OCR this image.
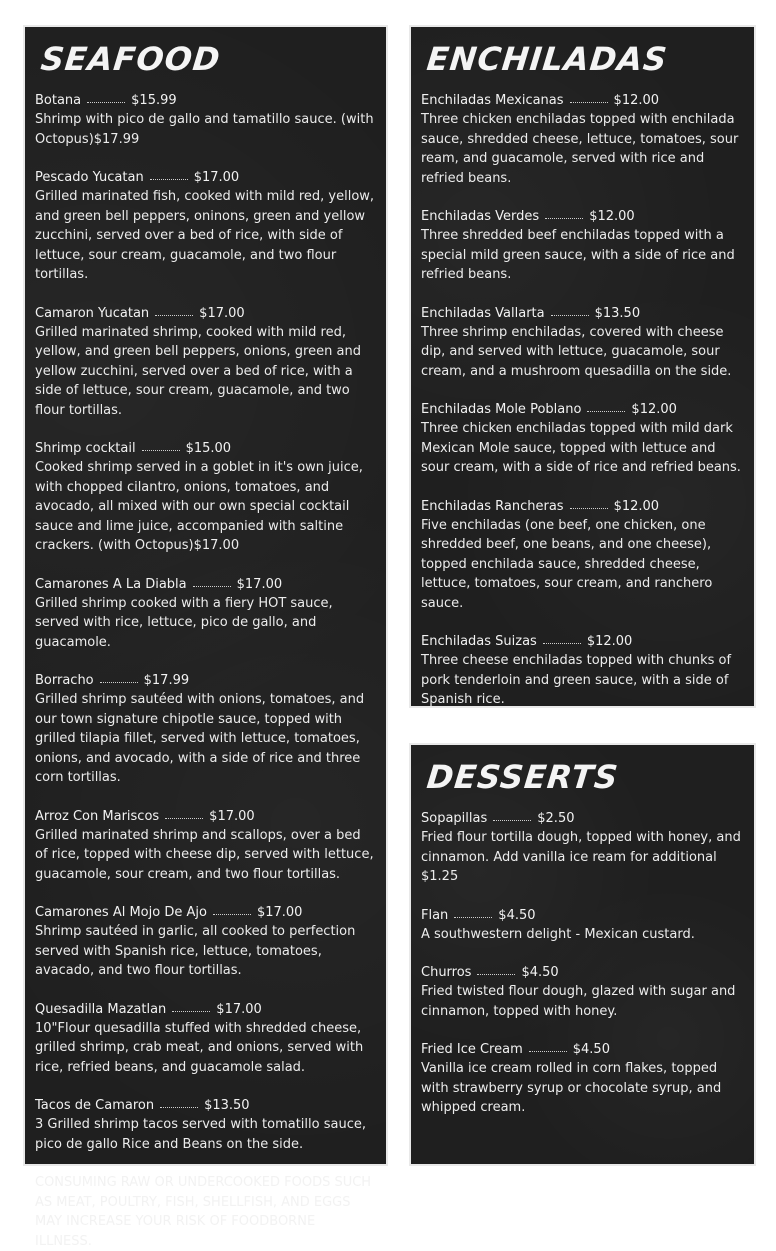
SEAFOOD
Botana	$15.99
Shrimp with pico de gallo and tamatillo sauce. (with Octopus)$17.99
Pescado Yucatan	$17.00
Grilled marinated fish, cooked with mild red, yellow, and green bell peppers, oninons, green and yellow zucchini, served over a bed of rice, with side of lettuce, sour cream, guacamole, and two flour tortillas.
Camaron Yucatan	$17.00
Grilled marinated shrimp, cooked with mild red, yellow, and green bell peppers, onions, green and yellow zucchini, served over a bed of rice, with a side of lettuce, sour cream, guacamole, and two flour tortillas.
Shrimp cocktail	$15.00
Cooked shrimp served in a goblet in it's own juice, with chopped cilantro, onions, tomatoes, and avocado, all mixed with our own special cocktail sauce and lime juice, accompanied with saltine crackers. (with Octopus)$17.00
Camarones A La Diabla	$17.00
Grilled shrimp cooked with a fiery HOT sauce, served with rice, lettuce, pico de gallo, and guacamole.
Borracho	$17.99
Grilled shrimp sautéed with onions, tomatoes, and our town signature chipotle sauce, topped with grilled tilapia fillet, served with lettuce, tomatoes, onions, and avocado, with a side of rice and three corn tortillas.
Arroz Con Mariscos	$17.00
Grilled marinated shrimp and scallops, over a bed of rice, topped with cheese dip, served with lettuce, guacamole, sour cream, and two flour tortillas.
Camarones Al Mojo De Ajo	$17.00
Shrimp sautéed in garlic, all cooked to perfection served with Spanish rice, lettuce, tomatoes, avacado, and two flour tortillas.
Quesadilla Mazatlan	$17.00
10"Flour quesadilla stuffed with shredded cheese, grilled shrimp, crab meat, and onions, served with rice, refried beans, and guacamole salad.
Tacos de Camaron	$13.50
3 Grilled shrimp tacos served with tomatillo sauce, pico de gallo Rice and Beans on the side.
CONSUMING RAW OR UNDERCOOKED FOODS SUCH AS MEAT, POULTRY, FISH, SHELLFISH, AND EGGS MAY INCREASE YOUR RISK OF FOODBORNE ILLNESS.
ENCHILADAS
Enchiladas Mexicanas	$12.00
Three chicken enchiladas topped with enchilada sauce, shredded cheese, lettuce, tomatoes, sour ream, and guacamole, served with rice and refried beans.
Enchiladas Verdes	$12.00
Three shredded beef enchiladas topped with a special mild green sauce, with a side of rice and refried beans.
Enchiladas Vallarta	$13.50
Three shrimp enchiladas, covered with cheese dip, and served with lettuce, guacamole, sour cream, and a mushroom quesadilla on the side.
Enchiladas Mole Poblano	$12.00
Three chicken enchiladas topped with mild dark Mexican Mole sauce, topped with lettuce and sour cream, with a side of rice and refried beans.
Enchiladas Rancheras	$12.00
Five enchiladas (one beef, one chicken, one shredded beef, one beans, and one cheese), topped enchilada sauce, shredded cheese, lettuce, tomatoes, sour cream, and ranchero sauce.
Enchiladas Suizas	$12.00
Three cheese enchiladas topped with chunks of pork tenderloin and green sauce, with a side of Spanish rice.
DESSERTS
Sopapillas	$2.50
Fried flour tortilla dough, topped with honey, and cinnamon. Add vanilla ice ream for additional $1.25
Flan	$4.50
A southwestern delight - Mexican custard.
Churros	$4.50
Fried twisted flour dough, glazed with sugar and cinnamon, topped with honey.
Fried Ice Cream	$4.50
Vanilla ice cream rolled in corn flakes, topped with strawberry syrup or chocolate syrup, and whipped cream.
